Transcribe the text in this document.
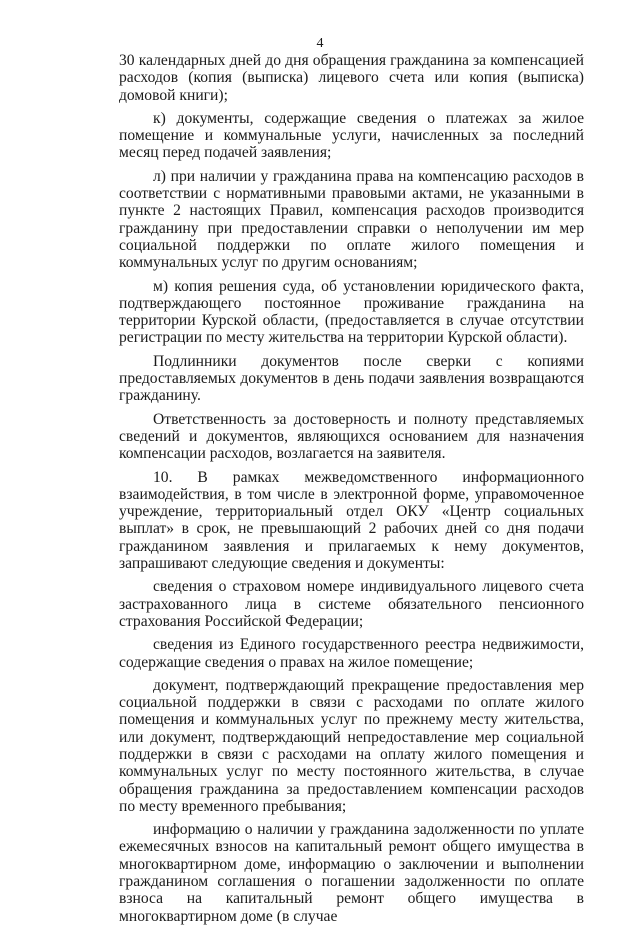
4

30 календарных дней до дня обращения гражданина за компенсацией расходов (копия (выписка) лицевого счета или копия (выписка) домовой книги);

к) документы, содержащие сведения о платежах за жилое помещение и коммунальные услуги, начисленных за последний месяц перед подачей заявления;

л) при наличии у гражданина права на компенсацию расходов в соответствии с нормативными правовыми актами, не указанными в пункте 2 настоящих Правил, компенсация расходов производится гражданину при предоставлении справки о неполучении им мер социальной поддержки по оплате жилого помещения и коммунальных услуг по другим основаниям;

м) копия решения суда, об установлении юридического факта, подтверждающего постоянное проживание гражданина на территории Курской области, (предоставляется в случае отсутствии регистрации по месту жительства на территории Курской области).

Подлинники документов после сверки с копиями предоставляемых документов в день подачи заявления возвращаются гражданину.

Ответственность за достоверность и полноту представляемых сведений и документов, являющихся основанием для назначения компенсации расходов, возлагается на заявителя.

10. В рамках межведомственного информационного взаимодействия, в том числе в электронной форме, управомоченное учреждение, территориальный отдел ОКУ «Центр социальных выплат» в срок, не превышающий 2 рабочих дней со дня подачи гражданином заявления и прилагаемых к нему документов, запрашивают следующие сведения и документы:

сведения о страховом номере индивидуального лицевого счета застрахованного лица в системе обязательного пенсионного страхования Российской Федерации;

сведения из Единого государственного реестра недвижимости, содержащие сведения о правах на жилое помещение;

документ, подтверждающий прекращение предоставления мер социальной поддержки в связи с расходами по оплате жилого помещения и коммунальных услуг по прежнему месту жительства, или документ, подтверждающий непредоставление мер социальной поддержки в связи с расходами на оплату жилого помещения и коммунальных услуг по месту постоянного жительства, в случае обращения гражданина за предоставлением компенсации расходов по месту временного пребывания;

информацию о наличии у гражданина задолженности по уплате ежемесячных взносов на капитальный ремонт общего имущества в многоквартирном доме, информацию о заключении и выполнении гражданином соглашения о погашении задолженности по оплате взноса на капитальный ремонт общего имущества в многоквартирном доме (в случае
